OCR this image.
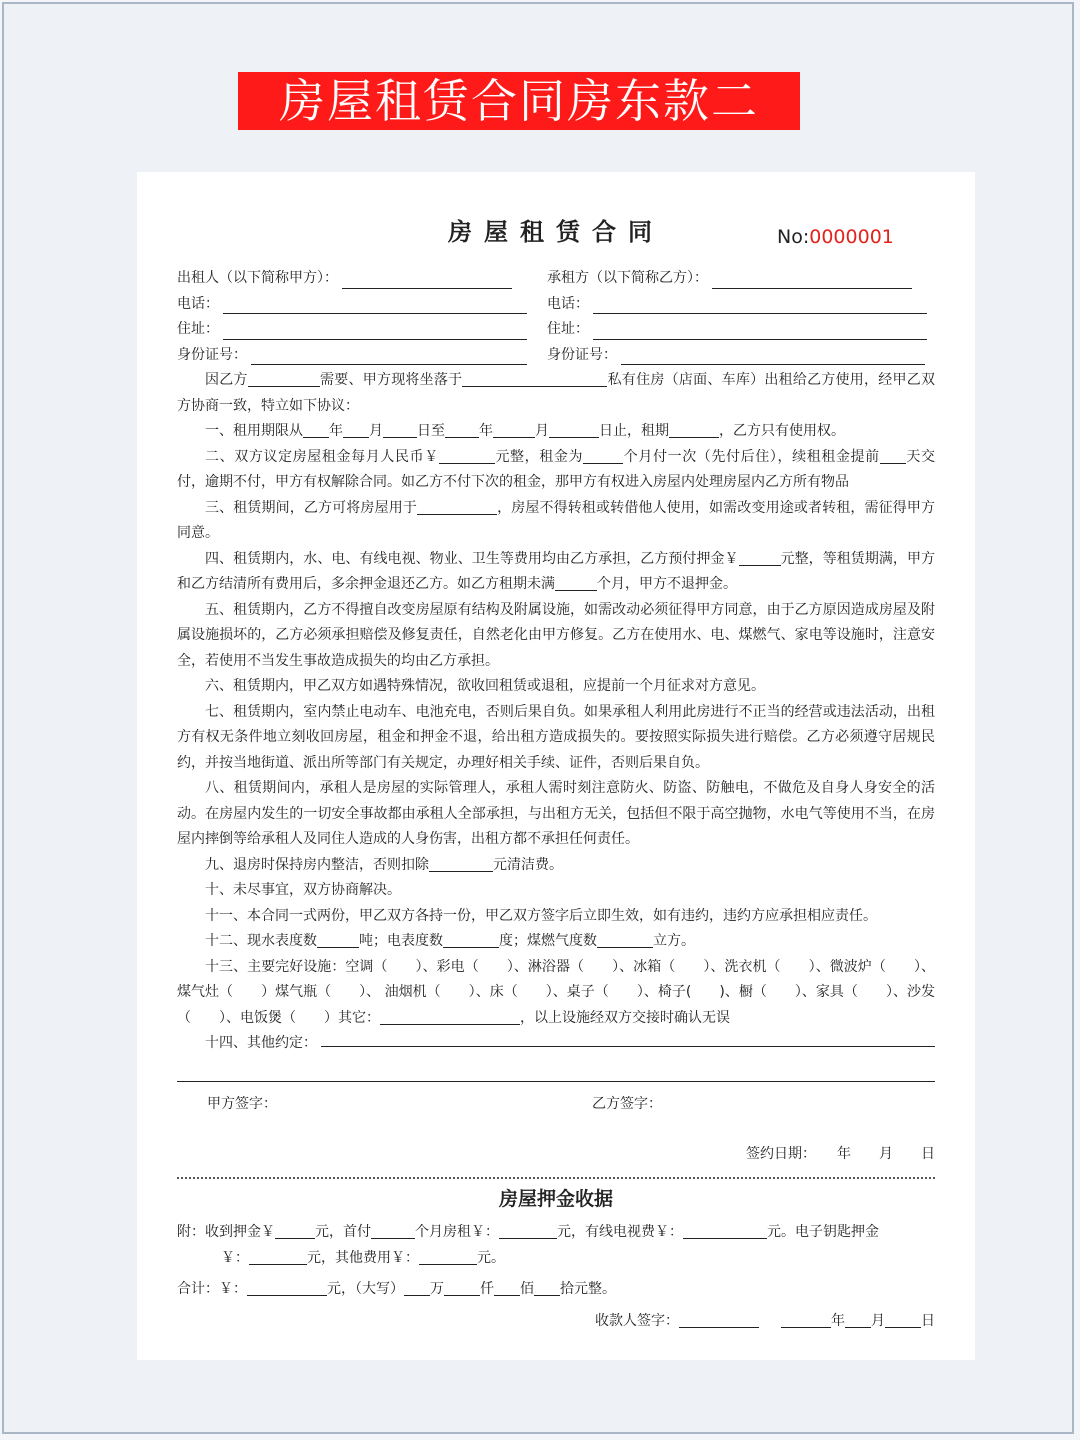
房屋租赁合同房东款二
房屋租赁合同	No:0000001
出租人（以下简称甲方）：	承租方（以下简称乙方）：
电话：	电话：
住址：	住址：
身份证号：	身份证号：

因乙方	需要、甲方现将坐落于	私有住房（店面、车库）出租给乙方使用，经甲乙双方协商一致，特立如下协议：

一、租用期限从 年 月 日至 年	月	日止，租期	，乙方只有使用权。

二、双方议定房屋租金每月人民币￥	元整，租金为	个月付一次（先付后住），续租租金提前 天交付，逾期不付，甲方有权解除合同。如乙方不付下次的租金，那甲方有权进入房屋内处理房屋内乙方所有物品

三、租赁期间，乙方可将房屋用于	，房屋不得转租或转借他人使用，如需改变用途或者转租，需征得甲方同意。

四、租赁期内，水、电、有线电视、物业、卫生等费用均由乙方承担，乙方预付押金￥	元整，等租赁期满，甲方和乙方结清所有费用后，多余押金退还乙方。如乙方租期未满	个月，甲方不退押金。

五、租赁期内，乙方不得擅自改变房屋原有结构及附属设施，如需改动必须征得甲方同意，由于乙方原因造成房屋及附属设施损坏的，乙方必须承担赔偿及修复责任，自然老化由甲方修复。乙方在使用水、电、煤燃气、家电等设施时，注意安全，若使用不当发生事故造成损失的均由乙方承担。

六、租赁期内，甲乙双方如遇特殊情况，欲收回租赁或退租，应提前一个月征求对方意见。

七、租赁期内，室内禁止电动车、电池充电，否则后果自负。如果承租人利用此房进行不正当的经营或违法活动，出租方有权无条件地立刻收回房屋，租金和押金不退，给出租方造成损失的。要按照实际损失进行赔偿。乙方必须遵守居规民约，并按当地街道、派出所等部门有关规定，办理好相关手续、证件，否则后果自负。

八、租赁期间内，承租人是房屋的实际管理人，承租人需时刻注意防火、防盗、防触电，不做危及自身人身安全的活动。在房屋内发生的一切安全事故都由承租人全部承担，与出租方无关，包括但不限于高空抛物，水电气等使用不当，在房屋内摔倒等给承租人及同住人造成的人身伤害，出租方都不承担任何责任。

九、退房时保持房内整洁，否则扣除	元清洁费。

十、未尽事宜，双方协商解决。

十一、本合同一式两份，甲乙双方各持一份，甲乙双方签字后立即生效，如有违约，违约方应承担相应责任。

十二、现水表度数	吨；电表度数	度；煤燃气度数	立方。

十三、主要完好设施：空调（　　）、彩电（　　）、淋浴器（　　）、冰箱（　　）、洗衣机（　　）、微波炉（　　）、煤气灶（　　）煤气瓶（　　）、 油烟机（　　）、床（　　）、桌子（　　）、椅子(　　)、橱（　　）、家具（　　）、沙发（　　）、电饭煲（　　）其它：	，以上设施经双方交接时确认无误

十四、其他约定：

甲方签字：	乙方签字：
签约日期：　　年　　月　　日
房屋押金收据

附：收到押金￥	元，首付	个月房租￥：	元，有线电视费￥：	元。电子钥匙押金

￥：	元，其他费用￥：	元。

合计：￥：	元，（大写） 万	仟 佰 拾元整。

收款人签字：	年 月	日
